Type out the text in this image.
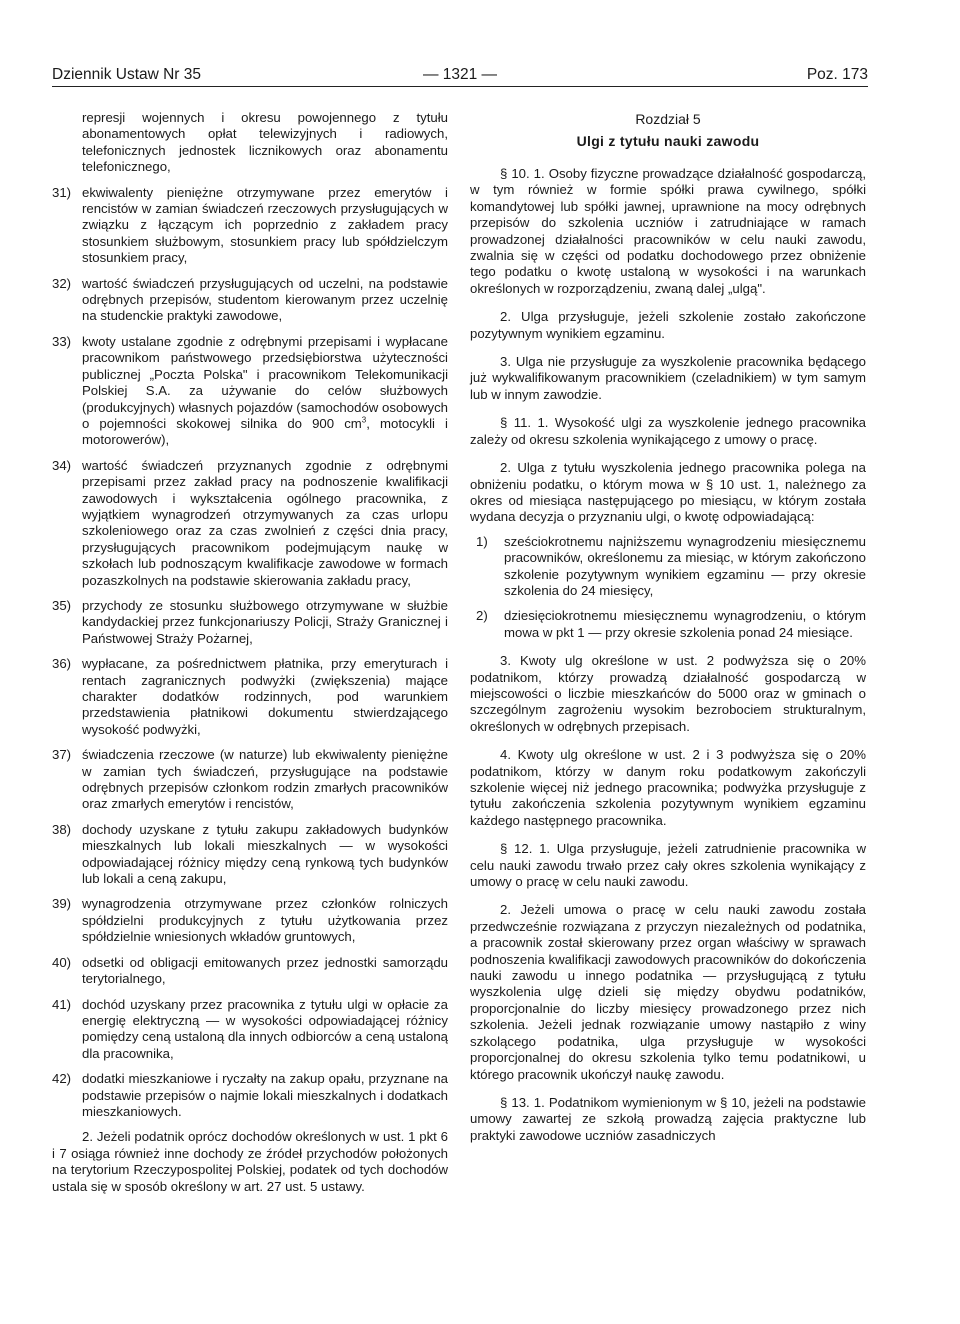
Dziennik Ustaw Nr 35	— 1321 —	Poz. 173

represji wojennych i okresu powojennego z tytułu abonamentowych opłat telewizyjnych i radiowych, telefonicznych jednostek licznikowych oraz abonamentu telefonicznego,

31) ekwiwalenty pieniężne otrzymywane przez emerytów i rencistów w zamian świadczeń rzeczowych przysługujących w związku z łączącym ich poprzednio z zakładem pracy stosunkiem służbowym, stosunkiem pracy lub spółdzielczym stosunkiem pracy,
32) wartość świadczeń przysługujących od uczelni, na podstawie odrębnych przepisów, studentom kierowanym przez uczelnię na studenckie praktyki zawodowe,
33) kwoty ustalane zgodnie z odrębnymi przepisami i wypłacane pracownikom państwowego przedsiębiorstwa użyteczności publicznej „Poczta Polska" i pracownikom Telekomunikacji Polskiej S.A. za używanie do celów służbowych (produkcyjnych) własnych pojazdów (samochodów osobowych o pojemności skokowej silnika do 900 $cm^3$, motocykli i motorowerów),
34) wartość świadczeń przyznanych zgodnie z odrębnymi przepisami przez zakład pracy na podnoszenie kwalifikacji zawodowych i wykształcenia ogólnego pracownika, z wyjątkiem wynagrodzeń otrzymywanych za czas urlopu szkoleniowego oraz za czas zwolnień z części dnia pracy, przysługujących pracownikom podejmującym naukę w szkołach lub podnoszącym kwalifikacje zawodowe w formach pozaszkolnych na podstawie skierowania zakładu pracy,
35) przychody ze stosunku służbowego otrzymywane w służbie kandydackiej przez funkcjonariuszy Policji, Straży Granicznej i Państwowej Straży Pożarnej,
36) wypłacane, za pośrednictwem płatnika, przy emeryturach i rentach zagranicznych podwyżki (zwiększenia) mające charakter dodatków rodzinnych, pod warunkiem przedstawienia płatnikowi dokumentu stwierdzającego wysokość podwyżki,
37) świadczenia rzeczowe (w naturze) lub ekwiwalenty pieniężne w zamian tych świadczeń, przysługujące na podstawie odrębnych przepisów członkom rodzin zmarłych pracowników oraz zmarłych emerytów i rencistów,
38) dochody uzyskane z tytułu zakupu zakładowych budynków mieszkalnych lub lokali mieszkalnych — w wysokości odpowiadającej różnicy między ceną rynkową tych budynków lub lokali a ceną zakupu,
39) wynagrodzenia otrzymywane przez członków rolniczych spółdzielni produkcyjnych z tytułu użytkowania przez spółdzielnie wniesionych wkładów gruntowych,
40) odsetki od obligacji emitowanych przez jednostki samorządu terytorialnego,
41) dochód uzyskany przez pracownika z tytułu ulgi w opłacie za energię elektryczną — w wysokości odpowiadającej różnicy pomiędzy ceną ustaloną dla innych odbiorców a ceną ustaloną dla pracownika,
42) dodatki mieszkaniowe i ryczałty na zakup opału, przyznane na podstawie przepisów o najmie lokali mieszkalnych i dodatkach mieszkaniowych.

2. Jeżeli podatnik oprócz dochodów określonych w ust. 1 pkt 6 i 7 osiąga również inne dochody ze źródeł przychodów położonych na terytorium Rzeczypospolitej Polskiej, podatek od tych dochodów ustala się w sposób określony w art. 27 ust. 5 ustawy.

Rozdział 5

Ulgi z tytułu nauki zawodu

§ 10. 1. Osoby fizyczne prowadzące działalność gospodarczą, w tym również w formie spółki prawa cywilnego, spółki komandytowej lub spółki jawnej, uprawnione na mocy odrębnych przepisów do szkolenia uczniów i zatrudniające w ramach prowadzonej działalności pracowników w celu nauki zawodu, zwalnia się w części od podatku dochodowego przez obniżenie tego podatku o kwotę ustaloną w wysokości i na warunkach określonych w rozporządzeniu, zwaną dalej „ulgą".

2. Ulga przysługuje, jeżeli szkolenie zostało zakończone pozytywnym wynikiem egzaminu.

3. Ulga nie przysługuje za wyszkolenie pracownika będącego już wykwalifikowanym pracownikiem (czeladnikiem) w tym samym lub w innym zawodzie.

§ 11. 1. Wysokość ulgi za wyszkolenie jednego pracownika zależy od okresu szkolenia wynikającego z umowy o pracę.

2. Ulga z tytułu wyszkolenia jednego pracownika polega na obniżeniu podatku, o którym mowa w § 10 ust. 1, należnego za okres od miesiąca następującego po miesiącu, w którym została wydana decyzja o przyznaniu ulgi, o kwotę odpowiadającą:

1)	sześciokrotnemu najniższemu wynagrodzeniu miesięcznemu pracowników, określonemu za miesiąc, w którym zakończono szkolenie pozytywnym wynikiem egzaminu — przy okresie szkolenia do 24 miesięcy,
2)	dziesięciokrotnemu miesięcznemu wynagrodzeniu, o którym mowa w pkt 1 — przy okresie szkolenia ponad 24 miesiące.

3. Kwoty ulg określone w ust. 2 podwyższa się o 20% podatnikom, którzy prowadzą działalność gospodarczą w miejscowości o liczbie mieszkańców do 5000 oraz w gminach o szczególnym zagrożeniu wysokim bezrobociem strukturalnym, określonych w odrębnych przepisach.

4. Kwoty ulg określone w ust. 2 i 3 podwyższa się o 20% podatnikom, którzy w danym roku podatkowym zakończyli szkolenie więcej niż jednego pracownika; podwyżka przysługuje z tytułu zakończenia szkolenia pozytywnym wynikiem egzaminu każdego następnego pracownika.

§ 12. 1. Ulga przysługuje, jeżeli zatrudnienie pracownika w celu nauki zawodu trwało przez cały okres szkolenia wynikający z umowy o pracę w celu nauki zawodu.

2. Jeżeli umowa o pracę w celu nauki zawodu została przedwcześnie rozwiązana z przyczyn niezależnych od podatnika, a pracownik został skierowany przez organ właściwy w sprawach podnoszenia kwalifikacji zawodowych pracowników do dokończenia nauki zawodu u innego podatnika — przysługującą z tytułu wyszkolenia ulgę dzieli się między obydwu podatników, proporcjonalnie do liczby miesięcy prowadzonego przez nich szkolenia. Jeżeli jednak rozwiązanie umowy nastąpiło z winy szkolącego podatnika, ulga przysługuje w wysokości proporcjonalnej do okresu szkolenia tylko temu podatnikowi, u którego pracownik ukończył naukę zawodu.

§ 13. 1. Podatnikom wymienionym w § 10, jeżeli na podstawie umowy zawartej ze szkołą prowadzą zajęcia praktyczne lub praktyki zawodowe uczniów zasadniczych
